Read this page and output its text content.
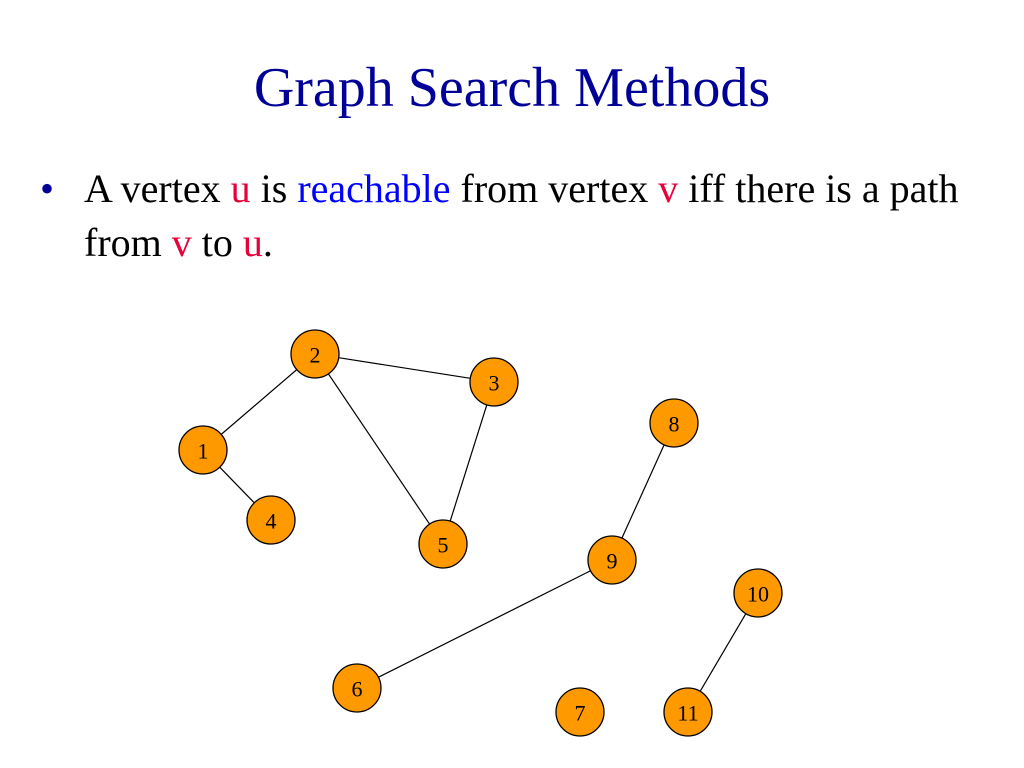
Graph Search Methods
• A vertex u is reachable from vertex v iff there is a path from v to u.
1
2
3
4
5
6
7
8
9
10
11
